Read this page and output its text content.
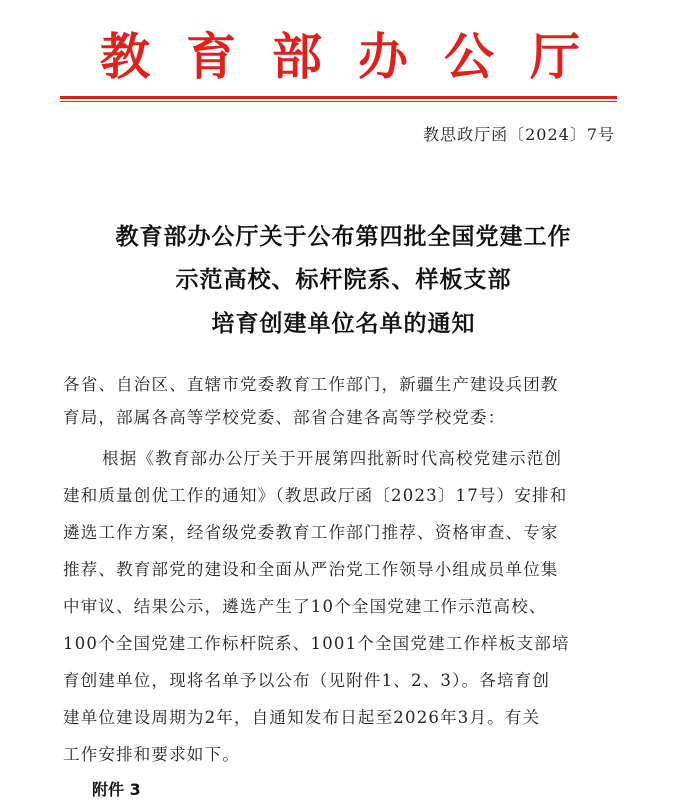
教 育 部 办 公 厅
教思政厅函〔2024〕7号
教育部办公厅关于公布第四批全国党建工作
示范高校、标杆院系、样板支部
培育创建单位名单的通知
各省、自治区、直辖市党委教育工作部门，新疆生产建设兵团教
育局，部属各高等学校党委、部省合建各高等学校党委：
根据《教育部办公厅关于开展第四批新时代高校党建示范创
建和质量创优工作的通知》（教思政厅函〔2023〕17号）安排和
遴选工作方案，经省级党委教育工作部门推荐、资格审查、专家
推荐、教育部党的建设和全面从严治党工作领导小组成员单位集
中审议、结果公示，遴选产生了10个全国党建工作示范高校、
100个全国党建工作标杆院系、1001个全国党建工作样板支部培
育创建单位，现将名单予以公布（见附件1、2、3）。各培育创
建单位建设周期为2年，自通知发布日起至2026年3月。有关
工作安排和要求如下。
附件 3
